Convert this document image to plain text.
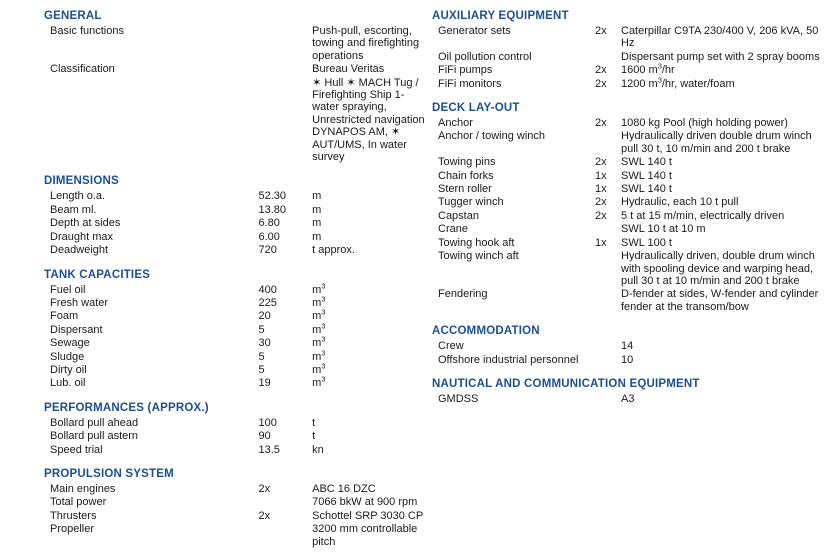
GENERAL
Basic functions		Push-pull, escorting, towing and firefighting operations
Classification		Bureau Veritas
		✶ Hull ✶ MACH Tug / Firefighting Ship 1- water spraying, Unrestricted navigation DYNAPOS AM, ✶ AUT/UMS, In water survey
DIMENSIONS
Length o.a.	52.30	m
Beam ml.	13.80	m
Depth at sides	6.80	m
Draught max	6.00	m
Deadweight	720	t approx.
TANK CAPACITIES
Fuel oil	400	$m^3$
Fresh water	225	$m^3$
Foam	20	$m^3$
Dispersant	5	$m^3$
Sewage	30	$m^3$
Sludge	5	$m^3$
Dirty oil	5	$m^3$
Lub. oil	19	$m^3$
PERFORMANCES (APPROX.)
Bollard pull ahead	100	t
Bollard pull astern	90	t
Speed trial	13.5	kn
PROPULSION SYSTEM
Main engines	2x	ABC 16 DZC
Total power		7066 bkW at 900 rpm
Thrusters	2x	Schottel SRP 3030 CP
Propeller		3200 mm controllable pitch
AUXILIARY EQUIPMENT
Generator sets	2x	Caterpillar C9TA 230/400 V, 206 kVA, 50 Hz
Oil pollution control		Dispersant pump set with 2 spray booms
FiFi pumps	2x	1600 $m^3/hr$
FiFi monitors	2x	1200 $m^3/hr$, water/foam
DECK LAY-OUT
Anchor	2x	1080 kg Pool (high holding power)
Anchor / towing winch		Hydraulically driven double drum winch pull 30 t, 10 m/min and 200 t brake
Towing pins	2x	SWL 140 t
Chain forks	1x	SWL 140 t
Stern roller	1x	SWL 140 t
Tugger winch	2x	Hydraulic, each 10 t pull
Capstan	2x	5 t at 15 m/min, electrically driven
Crane		SWL 10 t at 10 m
Towing hook aft	1x	SWL 100 t
Towing winch aft		Hydraulically driven, double drum winch with spooling device and warping head, pull 30 t at 10 m/min and 200 t brake
Fendering		D-fender at sides, W-fender and cylinder fender at the transom/bow
ACCOMMODATION
Crew		14
Offshore industrial personnel		10
NAUTICAL AND COMMUNICATION EQUIPMENT
GMDSS		A3
